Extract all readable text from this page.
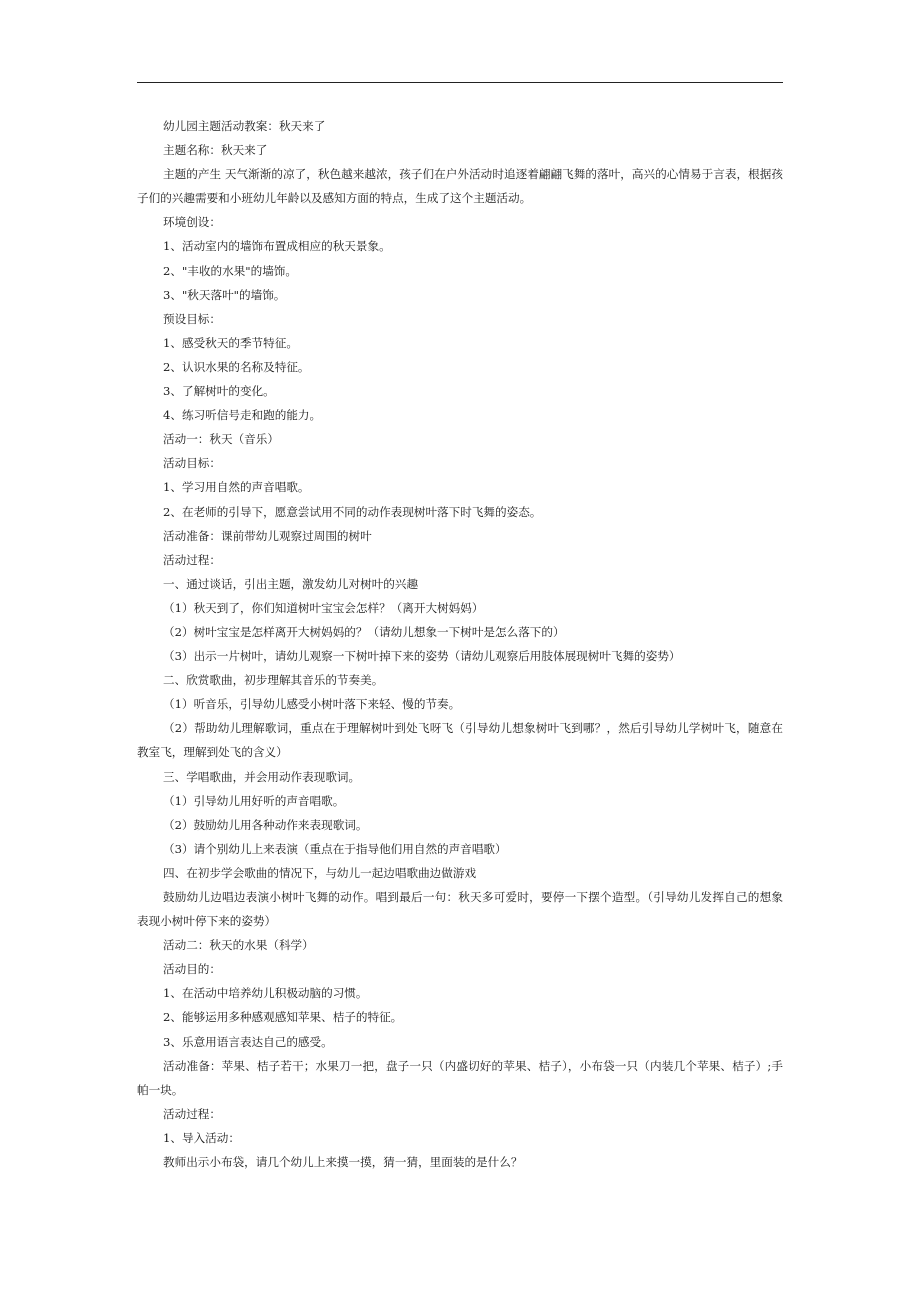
幼儿园主题活动教案：秋天来了

主题名称：秋天来了

主题的产生 天气渐渐的凉了，秋色越来越浓，孩子们在户外活动时追逐着翩翩飞舞的落叶，高兴的心情易于言表，根据孩子们的兴趣需要和小班幼儿年龄以及感知方面的特点，生成了这个主题活动。

环境创设：

1、活动室内的墙饰布置成相应的秋天景象。

2、"丰收的水果"的墙饰。

3、"秋天落叶"的墙饰。

预设目标：

1、感受秋天的季节特征。

2、认识水果的名称及特征。

3、了解树叶的变化。

4、练习听信号走和跑的能力。

活动一：秋天（音乐）

活动目标：

1、学习用自然的声音唱歌。

2、在老师的引导下，愿意尝试用不同的动作表现树叶落下时飞舞的姿态。

活动准备：课前带幼儿观察过周围的树叶

活动过程：

一、通过谈话，引出主题，激发幼儿对树叶的兴趣

（1）秋天到了，你们知道树叶宝宝会怎样？（离开大树妈妈）

（2）树叶宝宝是怎样离开大树妈妈的？（请幼儿想象一下树叶是怎么落下的）

（3）出示一片树叶，请幼儿观察一下树叶掉下来的姿势（请幼儿观察后用肢体展现树叶飞舞的姿势）

二、欣赏歌曲，初步理解其音乐的节奏美。

（1）听音乐，引导幼儿感受小树叶落下来轻、慢的节奏。

（2）帮助幼儿理解歌词，重点在于理解树叶到处飞呀飞（引导幼儿想象树叶飞到哪？，然后引导幼儿学树叶飞，随意在教室飞，理解到处飞的含义）

三、学唱歌曲，并会用动作表现歌词。

（1）引导幼儿用好听的声音唱歌。

（2）鼓励幼儿用各种动作来表现歌词。

（3）请个别幼儿上来表演（重点在于指导他们用自然的声音唱歌）

四、在初步学会歌曲的情况下，与幼儿一起边唱歌曲边做游戏

鼓励幼儿边唱边表演小树叶飞舞的动作。唱到最后一句：秋天多可爱时，要停一下摆个造型。（引导幼儿发挥自己的想象表现小树叶停下来的姿势）

活动二：秋天的水果（科学）

活动目的：

1、在活动中培养幼儿积极动脑的习惯。

2、能够运用多种感观感知苹果、桔子的特征。

3、乐意用语言表达自己的感受。

活动准备：苹果、桔子若干；水果刀一把，盘子一只（内盛切好的苹果、桔子），小布袋一只（内装几个苹果、桔子）;手帕一块。

活动过程：

1、导入活动：

教师出示小布袋，请几个幼儿上来摸一摸，猜一猜，里面装的是什么？
